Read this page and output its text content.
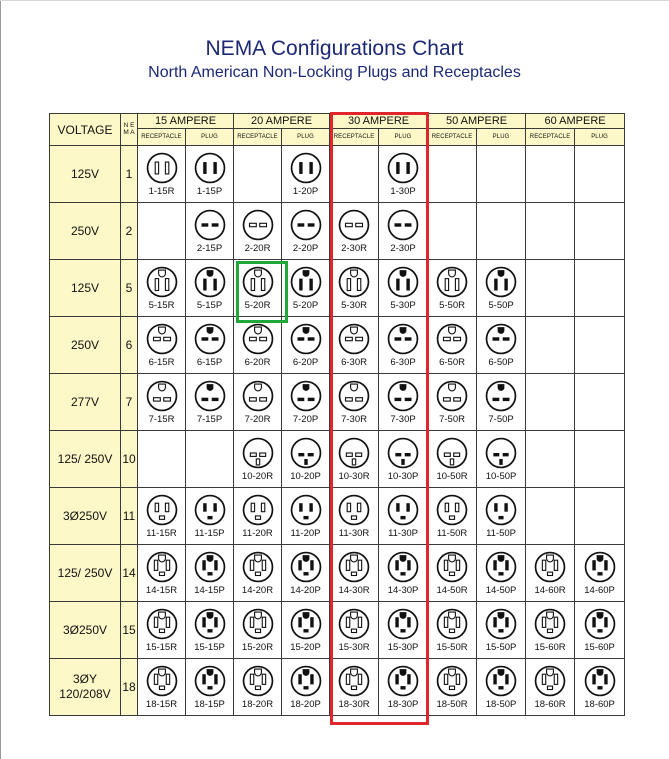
NEMA Configurations Chart
North American Non-Locking Plugs and Receptacles
VOLTAGE	N E M A	15 AMPERE		20 AMPERE		30 AMPERE		50 AMPERE		60 AMPERE	
		RECEPTACLE	PLUG	RECEPTACLE	PLUG	RECEPTACLE	PLUG	RECEPTACLE	PLUG	RECEPTACLE	PLUG
125V	1	1-15R	1-15P		1-20P		1-30P				

250V	2		2-15P	2-20R	2-20P	2-30R	2-30P				

125V	5	5-15R	5-15P	5-20R	5-20P	5-30R	5-30P	5-50R	5-50P		

250V	6	6-15R	6-15P	6-20R	6-20P	6-30R	6-30P	6-50R	6-50P		

277V	7	7-15R	7-15P	7-20R	7-20P	7-30R	7-30P	7-50R	7-50P		

125/ 250V	10			10-20R	10-20P	10-30R	10-30P	10-50R	10-50P		

3Ø250V	11	11-15R	11-15P	11-20R	11-20P	11-30R	11-30P	11-50R	11-50P		

125/ 250V	14	14-15R	14-15P	14-20R	14-20P	14-30R	14-30P	14-50R	14-50P	14-60R	14-60P

3Ø250V	15	15-15R	15-15P	15-20R	15-20P	15-30R	15-30P	15-50R	15-50P	15-60R	15-60P

3ØY 120/208V	18	18-15R	18-15P	18-20R	18-20P	18-30R	18-30P	18-50R	18-50P	18-60R	18-60P
